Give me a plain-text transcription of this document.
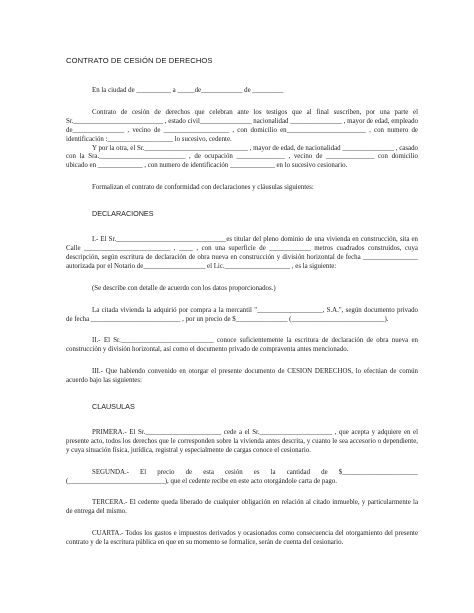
CONTRATO DE CESIÓN DE DERECHOS

En la ciudad de __________ a _____de____________ de _________

Contrato de cesión de derechos que celebran ante los testigos que al final suscriben, por una parte el Sr.__________________________ , estado civil_______________ nacionalidad _______________ , mayor de edad, empleado de_______________ , vecino de ___________________ , con domicilio en_______________________ , con numero de identificación :___________________ lo sucesivo, cedente.

Y por la otra, el Sr.______________________________ , mayor de edad, de nacionalidad _______________ , casado con la Sra._________________________ , de ocupación ______________ , vecino de ______________ con domicilio ubicado en _____________ , con numero de identificación _____________ en lo sucesivo cesionario.

Formalizan el contrato de conformidad con declaraciones y cláusulas siguientes:

DECLARACIONES

I.- El Sr.________________________________es titular del pleno dominio de una vivienda en construcción, sita en Calle _________________________ , ____ , con una superficie de ____________ metros cuadrados construidos, cuya descripción, según escritura de declaración de obra nueva en construcción y división horizontal de fecha ________________ autorizada por el Notario de__________________ el Lic.___________________ , es la siguiente:

(Se describe con detalle de acuerdo con los datos proporcionados.)

La citada vivienda la adquirió por compra a la mercantil "___________________, S.A.", según documento privado de fecha __________________________ , por un precio de $_______________ (___________________________).

II.- El Sr.___________________________ conoce suficientemente la escritura de declaración de obra nueva en construcción y división horizontal, así como el documento privado de compraventa antes mencionado.

III.- Que habiendo convenido en otorgar el presente documento de CESION DERECHOS, lo efectúan de común acuerdo bajo las siguientes:

CLAUSULAS

PRIMERA.- El Sr.______________________ cede a el Sr._____________________ , que acepta y adquiere en el presente acto, todos los derechos que le corresponden sobre la vivienda antes descrita, y cuanto le sea accesorio o dependiente, y cuya situación física, jurídica, registral y especialmente de cargas conoce el cesionario.

SEGUNDA.- El precio de esta cesión es la cantidad de $______________________ (____________________________), que el cedente recibe en este acto otorgándole carta de pago.

TERCERA.- El cedente queda liberado de cualquier obligación en relación al citado inmueble, y particularmente la de entrega del mismo.

CUARTA.- Todos los gastos e impuestos derivados y ocasionados como consecuencia del otorgamiento del presente contrato y de la escritura pública en que en su momento se formalice, serán de cuenta del cesionario.
